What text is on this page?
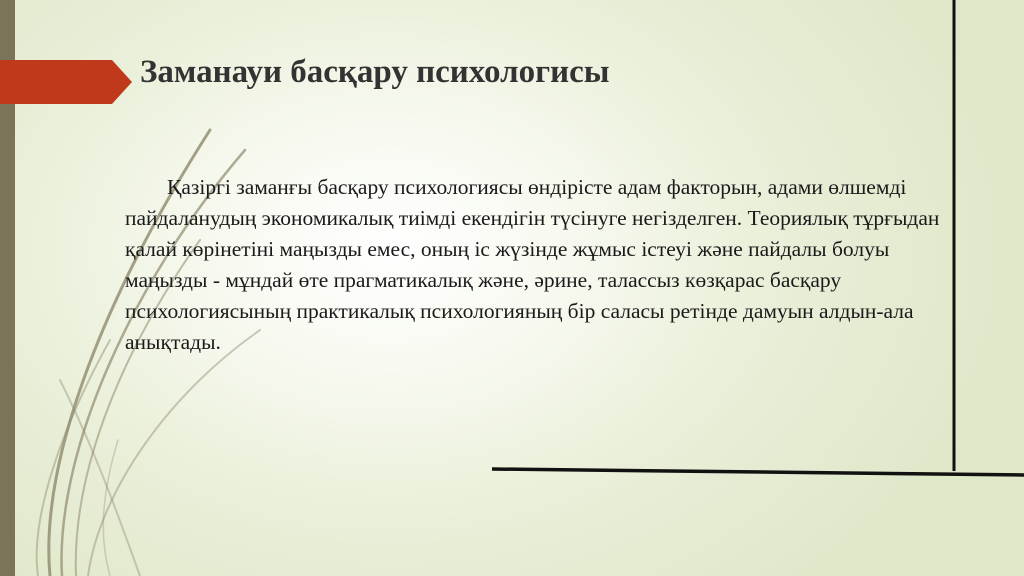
Заманауи басқару психологисы

Қазіргі заманғы басқару психологиясы өндірісте адам факторын, адами өлшемді пайдаланудың экономикалық тиімді екендігін түсінуге негізделген. Теориялық тұрғыдан қалай көрінетіні маңызды емес, оның іс жүзінде жұмыс істеуі және пайдалы болуы маңызды - мұндай өте прагматикалық және, әрине, талассыз көзқарас басқару психологиясының практикалық психологияның бір саласы ретінде дамуын алдын-ала анықтады.
